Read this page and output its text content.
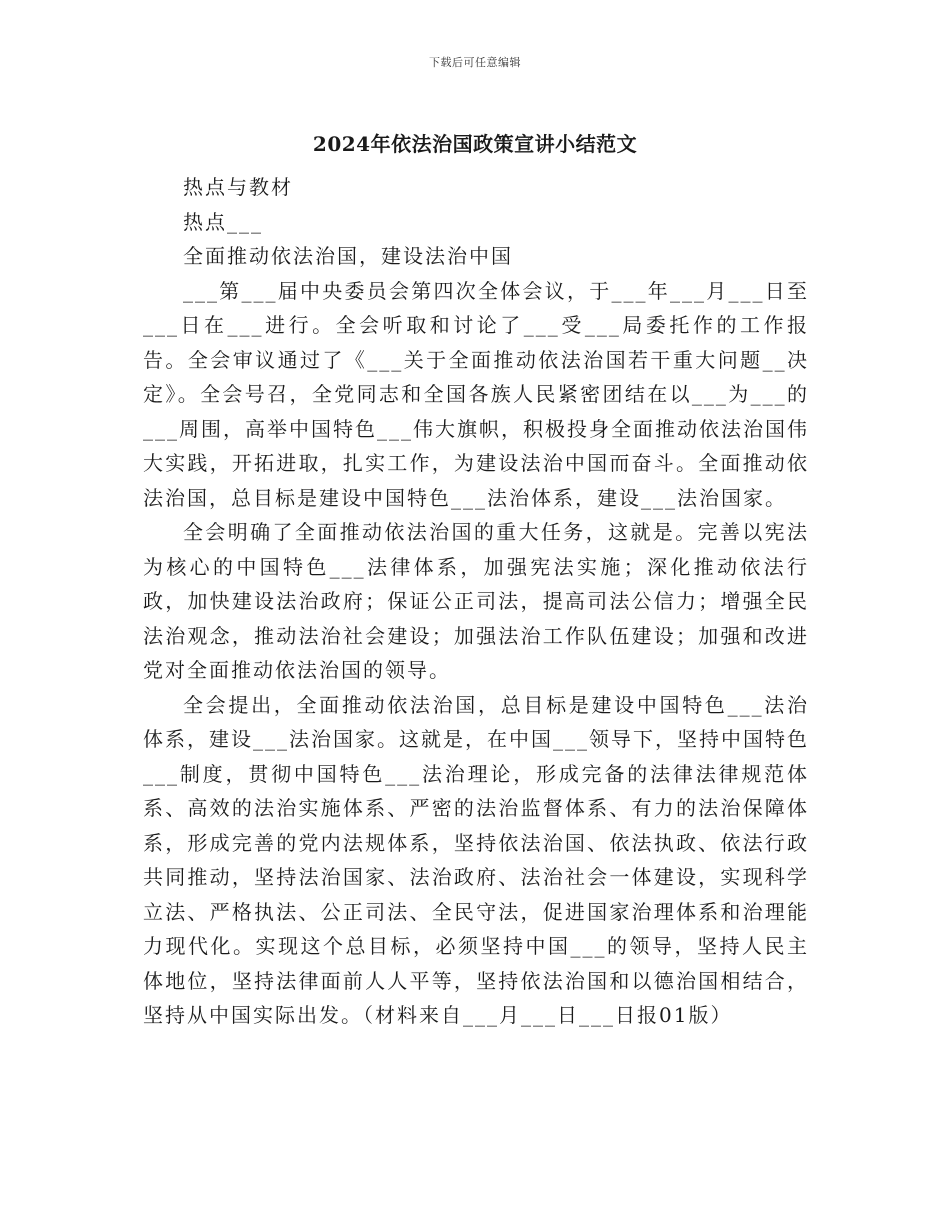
下载后可任意编辑
2024年依法治国政策宣讲小结范文

热点与教材

热点___

全面推动依法治国，建设法治中国

___第___届中央委员会第四次全体会议，于___年___月___日至___日在___进行。全会听取和讨论了___受___局委托作的工作报告。全会审议通过了《___关于全面推动依法治国若干重大问题__决定》。全会号召，全党同志和全国各族人民紧密团结在以___为___的___周围，高举中国特色___伟大旗帜，积极投身全面推动依法治国伟大实践，开拓进取，扎实工作，为建设法治中国而奋斗。全面推动依法治国，总目标是建设中国特色___法治体系，建设___法治国家。

全会明确了全面推动依法治国的重大任务，这就是。完善以宪法为核心的中国特色___法律体系，加强宪法实施；深化推动依法行政，加快建设法治政府；保证公正司法，提高司法公信力；增强全民法治观念，推动法治社会建设；加强法治工作队伍建设；加强和改进党对全面推动依法治国的领导。

全会提出，全面推动依法治国，总目标是建设中国特色___法治体系，建设___法治国家。这就是，在中国___领导下，坚持中国特色___制度，贯彻中国特色___法治理论，形成完备的法律法律规范体系、高效的法治实施体系、严密的法治监督体系、有力的法治保障体系，形成完善的党内法规体系，坚持依法治国、依法执政、依法行政共同推动，坚持法治国家、法治政府、法治社会一体建设，实现科学立法、严格执法、公正司法、全民守法，促进国家治理体系和治理能力现代化。实现这个总目标，必须坚持中国___的领导，坚持人民主体地位，坚持法律面前人人平等，坚持依法治国和以德治国相结合，坚持从中国实际出发。（材料来自___月___日___日报01版）
